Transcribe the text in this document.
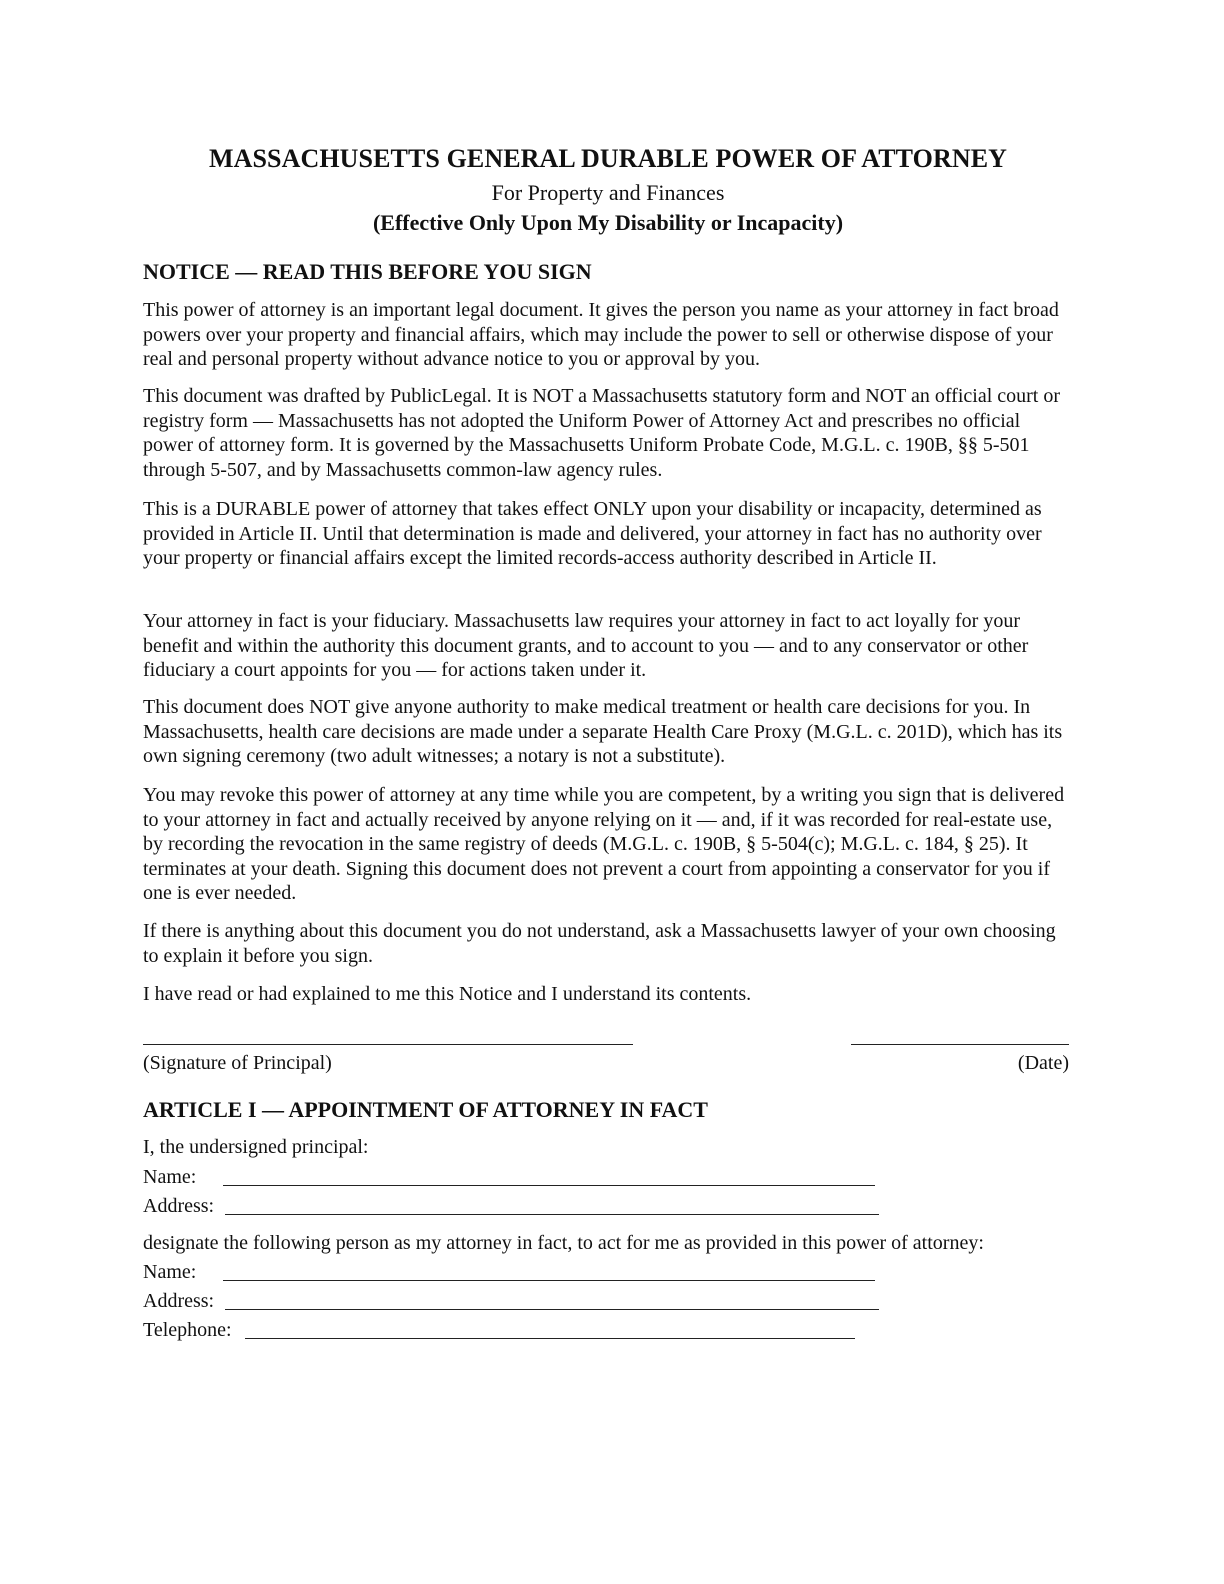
MASSACHUSETTS GENERAL DURABLE POWER OF ATTORNEY
For Property and Finances
(Effective Only Upon My Disability or Incapacity)
NOTICE — READ THIS BEFORE YOU SIGN
This power of attorney is an important legal document. It gives the person you name as your attorney in fact broad powers over your property and financial affairs, which may include the power to sell or otherwise dispose of your real and personal property without advance notice to you or approval by you.
This document was drafted by PublicLegal. It is NOT a Massachusetts statutory form and NOT an official court or registry form — Massachusetts has not adopted the Uniform Power of Attorney Act and prescribes no official power of attorney form. It is governed by the Massachusetts Uniform Probate Code, M.G.L. c. 190B, §§ 5-501 through 5-507, and by Massachusetts common-law agency rules.
This is a DURABLE power of attorney that takes effect ONLY upon your disability or incapacity, determined as provided in Article II. Until that determination is made and delivered, your attorney in fact has no authority over your property or financial affairs except the limited records-access authority described in Article II.
Your attorney in fact is your fiduciary. Massachusetts law requires your attorney in fact to act loyally for your benefit and within the authority this document grants, and to account to you — and to any conservator or other fiduciary a court appoints for you — for actions taken under it.
This document does NOT give anyone authority to make medical treatment or health care decisions for you. In Massachusetts, health care decisions are made under a separate Health Care Proxy (M.G.L. c. 201D), which has its own signing ceremony (two adult witnesses; a notary is not a substitute).
You may revoke this power of attorney at any time while you are competent, by a writing you sign that is delivered to your attorney in fact and actually received by anyone relying on it — and, if it was recorded for real-estate use, by recording the revocation in the same registry of deeds (M.G.L. c. 190B, § 5-504(c); M.G.L. c. 184, § 25). It terminates at your death. Signing this document does not prevent a court from appointing a conservator for you if one is ever needed.
If there is anything about this document you do not understand, ask a Massachusetts lawyer of your own choosing to explain it before you sign.
I have read or had explained to me this Notice and I understand its contents.
(Signature of Principal)	(Date)
ARTICLE I — APPOINTMENT OF ATTORNEY IN FACT
I, the undersigned principal:
Name:
Address:
designate the following person as my attorney in fact, to act for me as provided in this power of attorney:
Name:
Address:
Telephone:
